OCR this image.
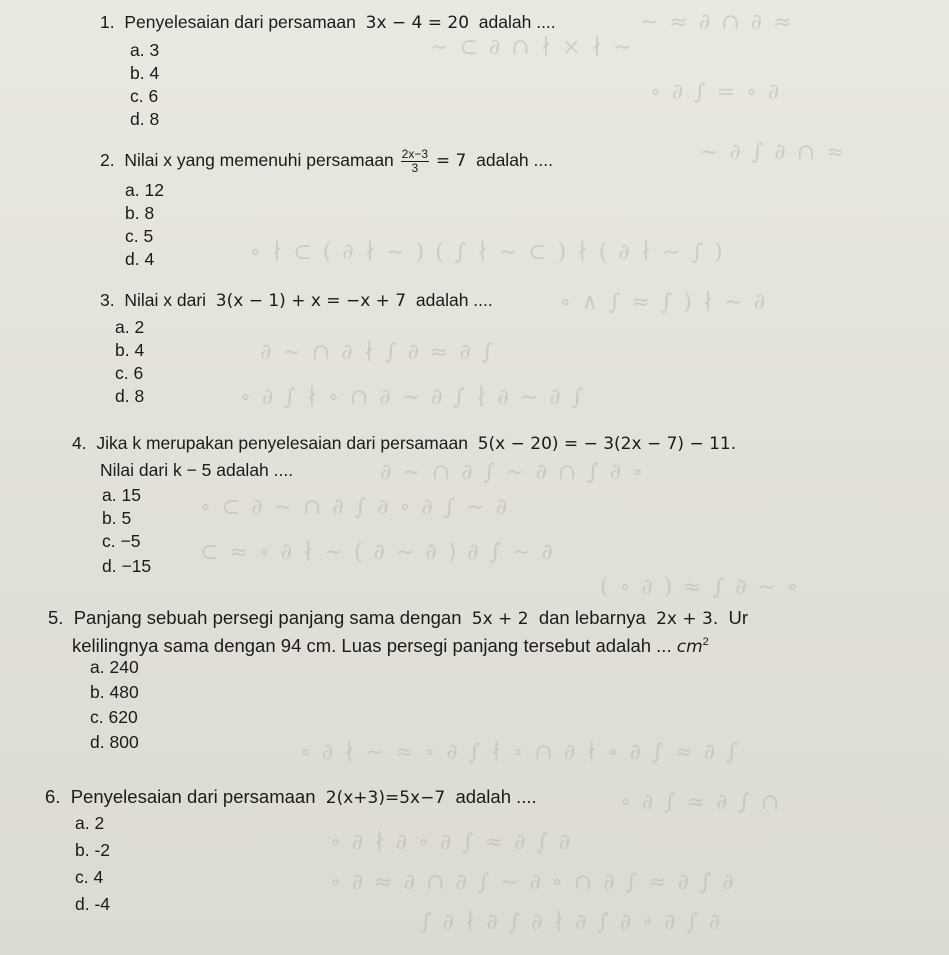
~ ≈ ∂ ∩ ∂ ≈
∼ ⊂ ∂ ∩ ∤ × ∤ ∼
∘ ∂ ∫ = ∘ ∂
∼ ∂ ∫ ∂ ∩ ≈
∘ ∤ ⊂ ( ∂ ∤ ∼ ) ( ∫ ∤ ∼ ⊂ ) ∤ ( ∂ ∤ ∼ ∫ )
∘ ∧ ∫ ≈ ∫ ) ∤ ∼ ∂
∂ ∼ ∩ ∂ ∤ ∫ ∂ ≈ ∂ ∫
∘ ∂ ∫ ∤ ∘ ∩ ∂ ∼ ∂ ∫ ∤ ∂ ∼ ∂ ∫
∂ ∼ ∩ ∂ ∫ ∼ ∂ ∩ ∫ ∂ ∘
∘ ⊂ ∂ ∼ ∩ ∂ ∫ ∂ ∘ ∂ ∫ ∼ ∂
⊂ ≈ ∘ ∂ ∤ ∼ ( ∂ ∼ ∂ ) ∂ ∫ ∼ ∂
( ∘ ∂ ) ≈ ∫ ∂ ∼ ∘
∘ ∂ ∤ ∼ ≈ ∘ ∂ ∫ ∤ ∘ ∩ ∂ ∤ ∘ ∂ ∫ ≈ ∂ ∫
∘ ∂ ∫ ≈ ∂ ∫ ∩
∘ ∂ ∤ ∂ ∘ ∂ ∫ ≈ ∂ ∫ ∂
∘ ∂ ≈ ∂ ∩ ∂ ∫ ∼ ∂ ∘ ∩ ∂ ∫ ≈ ∂ ∫ ∂
∫ ∂ ∤ ∂ ∫ ∂ ∤ ∂ ∫ ∂ ∘ ∂ ∫ ∂
1. Penyelesaian dari persamaan 3x − 4 = 20 adalah ....
a. 3
b. 4
c. 6
d. 8
2. Nilai x yang memenuhi persamaan $\frac{2x-3}{3} = 7$ adalah ....
a. 12
b. 8
c. 5
d. 4
3. Nilai x dari 3(x − 1) + x = −x + 7 adalah ....
a. 2
b. 4
c. 6
d. 8
4. Jika k merupakan penyelesaian dari persamaan 5(x − 20) = − 3(2x − 7) − 11.
Nilai dari k − 5 adalah ....
a. 15
b. 5
c. −5
d. −15
5. Panjang sebuah persegi panjang sama dengan 5x + 2 dan lebarnya 2x + 3. Ur
kelilingnya sama dengan 94 cm. Luas persegi panjang tersebut adalah ... $cm^2$
a. 240
b. 480
c. 620
d. 800
6. Penyelesaian dari persamaan 2(x+3)=5x−7 adalah ....
a. 2
b. -2
c. 4
d. -4
